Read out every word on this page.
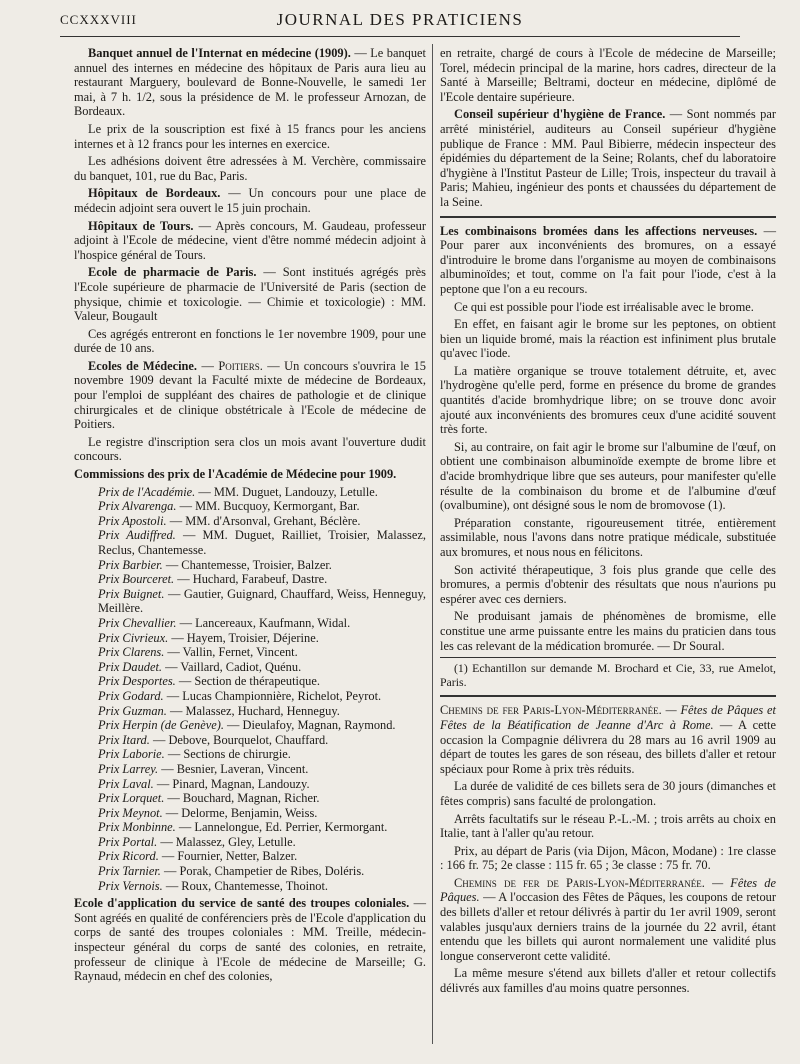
CCXXXVIII	JOURNAL DES PRATICIENS

Banquet annuel de l'Internat en médecine (1909). — Le banquet annuel des internes en médecine des hôpitaux de Paris aura lieu au restaurant Marguery, boulevard de Bonne-Nouvelle, le samedi 1er mai, à 7 h. 1/2, sous la présidence de M. le professeur Arnozan, de Bordeaux.

Le prix de la souscription est fixé à 15 francs pour les anciens internes et à 12 francs pour les internes en exercice.

Les adhésions doivent être adressées à M. Verchère, commissaire du banquet, 101, rue du Bac, Paris.

Hôpitaux de Bordeaux. — Un concours pour une place de médecin adjoint sera ouvert le 15 juin prochain.

Hôpitaux de Tours. — Après concours, M. Gaudeau, professeur adjoint à l'Ecole de médecine, vient d'être nommé médecin adjoint à l'hospice général de Tours.

Ecole de pharmacie de Paris. — Sont institués agrégés près l'Ecole supérieure de pharmacie de l'Université de Paris (section de physique, chimie et toxicologie. — Chimie et toxicologie) : MM. Valeur, Bougault

Ces agrégés entreront en fonctions le 1er novembre 1909, pour une durée de 10 ans.

Ecoles de Médecine. — Poitiers. — Un concours s'ouvrira le 15 novembre 1909 devant la Faculté mixte de médecine de Bordeaux, pour l'emploi de suppléant des chaires de pathologie et de clinique chirurgicales et de clinique obstétricale à l'Ecole de médecine de Poitiers.

Le registre d'inscription sera clos un mois avant l'ouverture dudit concours.

Commissions des prix de l'Académie de Médecine pour 1909.

Prix de l'Académie. — MM. Duguet, Landouzy, Letulle.

Prix Alvarenga. — MM. Bucquoy, Kermorgant, Bar.

Prix Apostoli. — MM. d'Arsonval, Grehant, Béclère.

Prix Audiffred. — MM. Duguet, Railliet, Troisier, Malassez, Reclus, Chantemesse.

Prix Barbier. — Chantemesse, Troisier, Balzer.

Prix Bourceret. — Huchard, Farabeuf, Dastre.

Prix Buignet. — Gautier, Guignard, Chauffard, Weiss, Henneguy, Meillère.

Prix Chevallier. — Lancereaux, Kaufmann, Widal.

Prix Civrieux. — Hayem, Troisier, Déjerine.

Prix Clarens. — Vallin, Fernet, Vincent.

Prix Daudet. — Vaillard, Cadiot, Quénu.

Prix Desportes. — Section de thérapeutique.

Prix Godard. — Lucas Championnière, Richelot, Peyrot.

Prix Guzman. — Malassez, Huchard, Henneguy.

Prix Herpin (de Genève). — Dieulafoy, Magnan, Raymond.

Prix Itard. — Debove, Bourquelot, Chauffard.

Prix Laborie. — Sections de chirurgie.

Prix Larrey. — Besnier, Laveran, Vincent.

Prix Laval. — Pinard, Magnan, Landouzy.

Prix Lorquet. — Bouchard, Magnan, Richer.

Prix Meynot. — Delorme, Benjamin, Weiss.

Prix Monbinne. — Lannelongue, Ed. Perrier, Kermorgant.

Prix Portal. — Malassez, Gley, Letulle.

Prix Ricord. — Fournier, Netter, Balzer.

Prix Tarnier. — Porak, Champetier de Ribes, Doléris.

Prix Vernois. — Roux, Chantemesse, Thoinot.

Ecole d'application du service de santé des troupes coloniales. — Sont agréés en qualité de conférenciers près de l'Ecole d'application du corps de santé des troupes coloniales : MM. Treille, médecin-inspecteur général du corps de santé des colonies, en retraite, professeur de clinique à l'Ecole de médecine de Marseille; G. Raynaud, médecin en chef des colonies,

en retraite, chargé de cours à l'Ecole de médecine de Marseille; Torel, médecin principal de la marine, hors cadres, directeur de la Santé à Marseille; Beltrami, docteur en médecine, diplômé de l'Ecole dentaire supérieure.

Conseil supérieur d'hygiène de France. — Sont nommés par arrêté ministériel, auditeurs au Conseil supérieur d'hygiène publique de France : MM. Paul Bibierre, médecin inspecteur des épidémies du département de la Seine; Rolants, chef du laboratoire d'hygiène à l'Institut Pasteur de Lille; Trois, inspecteur du travail à Paris; Mahieu, ingénieur des ponts et chaussées du département de la Seine.

Les combinaisons bromées dans les affections nerveuses. — Pour parer aux inconvénients des bromures, on a essayé d'introduire le brome dans l'organisme au moyen de combinaisons albuminoïdes; et tout, comme on l'a fait pour l'iode, c'est à la peptone que l'on a eu recours.

Ce qui est possible pour l'iode est irréalisable avec le brome.

En effet, en faisant agir le brome sur les peptones, on obtient bien un liquide bromé, mais la réaction est infiniment plus brutale qu'avec l'iode.

La matière organique se trouve totalement détruite, et, avec l'hydrogène qu'elle perd, forme en présence du brome de grandes quantités d'acide bromhydrique libre; on se trouve donc avoir ajouté aux inconvénients des bromures ceux d'une acidité souvent très forte.

Si, au contraire, on fait agir le brome sur l'albumine de l'œuf, on obtient une combinaison albuminoïde exempte de brome libre et d'acide bromhydrique libre que ses auteurs, pour manifester qu'elle résulte de la combinaison du brome et de l'albumine d'œuf (ovalbumine), ont désigné sous le nom de bromovose (1).

Préparation constante, rigoureusement titrée, entièrement assimilable, nous l'avons dans notre pratique médicale, substituée aux bromures, et nous nous en félicitons.

Son activité thérapeutique, 3 fois plus grande que celle des bromures, a permis d'obtenir des résultats que nous n'aurions pu espérer avec ces derniers.

Ne produisant jamais de phénomènes de bromisme, elle constitue une arme puissante entre les mains du praticien dans tous les cas relevant de la médication bromurée. — Dr Soural.

(1) Echantillon sur demande M. Brochard et Cie, 33, rue Amelot, Paris.

Chemins de fer Paris-Lyon-Méditerranée. — Fêtes de Pâques et Fêtes de la Béatification de Jeanne d'Arc à Rome. — A cette occasion la Compagnie délivrera du 28 mars au 16 avril 1909 au départ de toutes les gares de son réseau, des billets d'aller et retour spéciaux pour Rome à prix très réduits.

La durée de validité de ces billets sera de 30 jours (dimanches et fêtes compris) sans faculté de prolongation.

Arrêts facultatifs sur le réseau P.-L.-M. ; trois arrêts au choix en Italie, tant à l'aller qu'au retour.

Prix, au départ de Paris (via Dijon, Mâcon, Modane) : 1re classe : 166 fr. 75; 2e classe : 115 fr. 65 ; 3e classe : 75 fr. 70.

Chemins de fer de Paris-Lyon-Méditerranée. — Fêtes de Pâques. — A l'occasion des Fêtes de Pâques, les coupons de retour des billets d'aller et retour délivrés à partir du 1er avril 1909, seront valables jusqu'aux derniers trains de la journée du 22 avril, étant entendu que les billets qui auront normalement une validité plus longue conserveront cette validité.

La même mesure s'étend aux billets d'aller et retour collectifs délivrés aux familles d'au moins quatre personnes.
